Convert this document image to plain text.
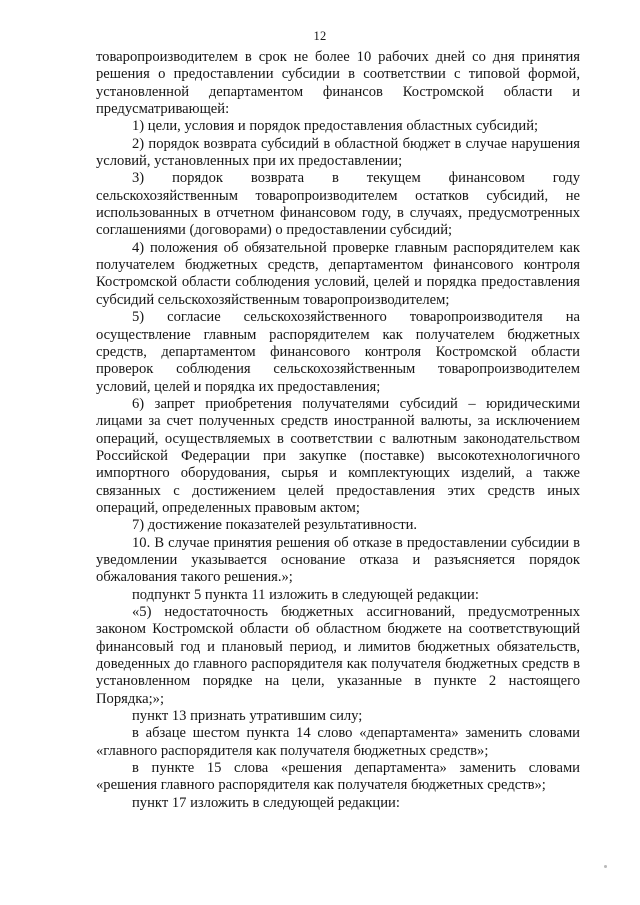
12

товаропроизводителем в срок не более 10 рабочих дней со дня принятия решения о предоставлении субсидии в соответствии с типовой формой, установленной департаментом финансов Костромской области и предусматривающей:

1) цели, условия и порядок предоставления областных субсидий;

2) порядок возврата субсидий в областной бюджет в случае нарушения условий, установленных при их предоставлении;

3) порядок возврата в текущем финансовом году сельскохозяйственным товаропроизводителем остатков субсидий, не использованных в отчетном финансовом году, в случаях, предусмотренных соглашениями (договорами) о предоставлении субсидий;

4) положения об обязательной проверке главным распорядителем как получателем бюджетных средств, департаментом финансового контроля Костромской области соблюдения условий, целей и порядка предоставления субсидий сельскохозяйственным товаропроизводителем;

5) согласие сельскохозяйственного товаропроизводителя на осуществление главным распорядителем как получателем бюджетных средств, департаментом финансового контроля Костромской области проверок соблюдения сельскохозяйственным товаропроизводителем условий, целей и порядка их предоставления;

6) запрет приобретения получателями субсидий – юридическими лицами за счет полученных средств иностранной валюты, за исключением операций, осуществляемых в соответствии с валютным законодательством Российской Федерации при закупке (поставке) высокотехнологичного импортного оборудования, сырья и комплектующих изделий, а также связанных с достижением целей предоставления этих средств иных операций, определенных правовым актом;

7) достижение показателей результативности.

10. В случае принятия решения об отказе в предоставлении субсидии в уведомлении указывается основание отказа и разъясняется порядок обжалования такого решения.»;

подпункт 5 пункта 11 изложить в следующей редакции:

«5) недостаточность бюджетных ассигнований, предусмотренных законом Костромской области об областном бюджете на соответствующий финансовый год и плановый период, и лимитов бюджетных обязательств, доведенных до главного распорядителя как получателя бюджетных средств в установленном порядке на цели, указанные в пункте 2 настоящего Порядка;»;

пункт 13 признать утратившим силу;

в абзаце шестом пункта 14 слово «департамента» заменить словами «главного распорядителя как получателя бюджетных средств»;

в пункте 15 слова «решения департамента» заменить словами «решения главного распорядителя как получателя бюджетных средств»;

пункт 17 изложить в следующей редакции:
